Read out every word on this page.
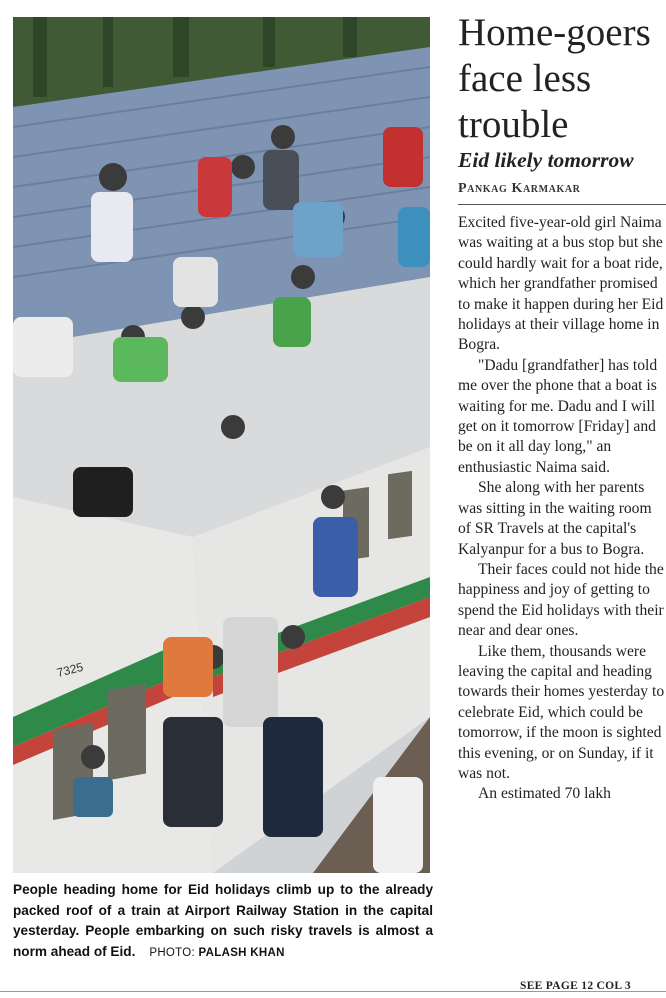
7325
People heading home for Eid holidays climb up to the already packed roof of a train at Airport Railway Station in the capital yesterday. People embarking on such risky travels is almost a norm ahead of Eid. PHOTO: PALASH KHAN
Home-goers face less trouble
Eid likely tomorrow
Pankag Karmakar

Excited five-year-old girl Naima was waiting at a bus stop but she could hardly wait for a boat ride, which her grandfather promised to make it happen during her Eid holidays at their village home in Bogra.

"Dadu [grandfather] has told me over the phone that a boat is waiting for me. Dadu and I will get on it tomorrow [Friday] and be on it all day long," an enthusiastic Naima said.

She along with her parents was sitting in the waiting room of SR Travels at the capital's Kalyanpur for a bus to Bogra.

Their faces could not hide the happiness and joy of getting to spend the Eid holidays with their near and dear ones.

Like them, thousands were leaving the capital and heading towards their homes yesterday to celebrate Eid, which could be tomorrow, if the moon is sighted this evening, or on Sunday, if it was not.

An estimated 70 lakh

SEE PAGE 12 COL 3
